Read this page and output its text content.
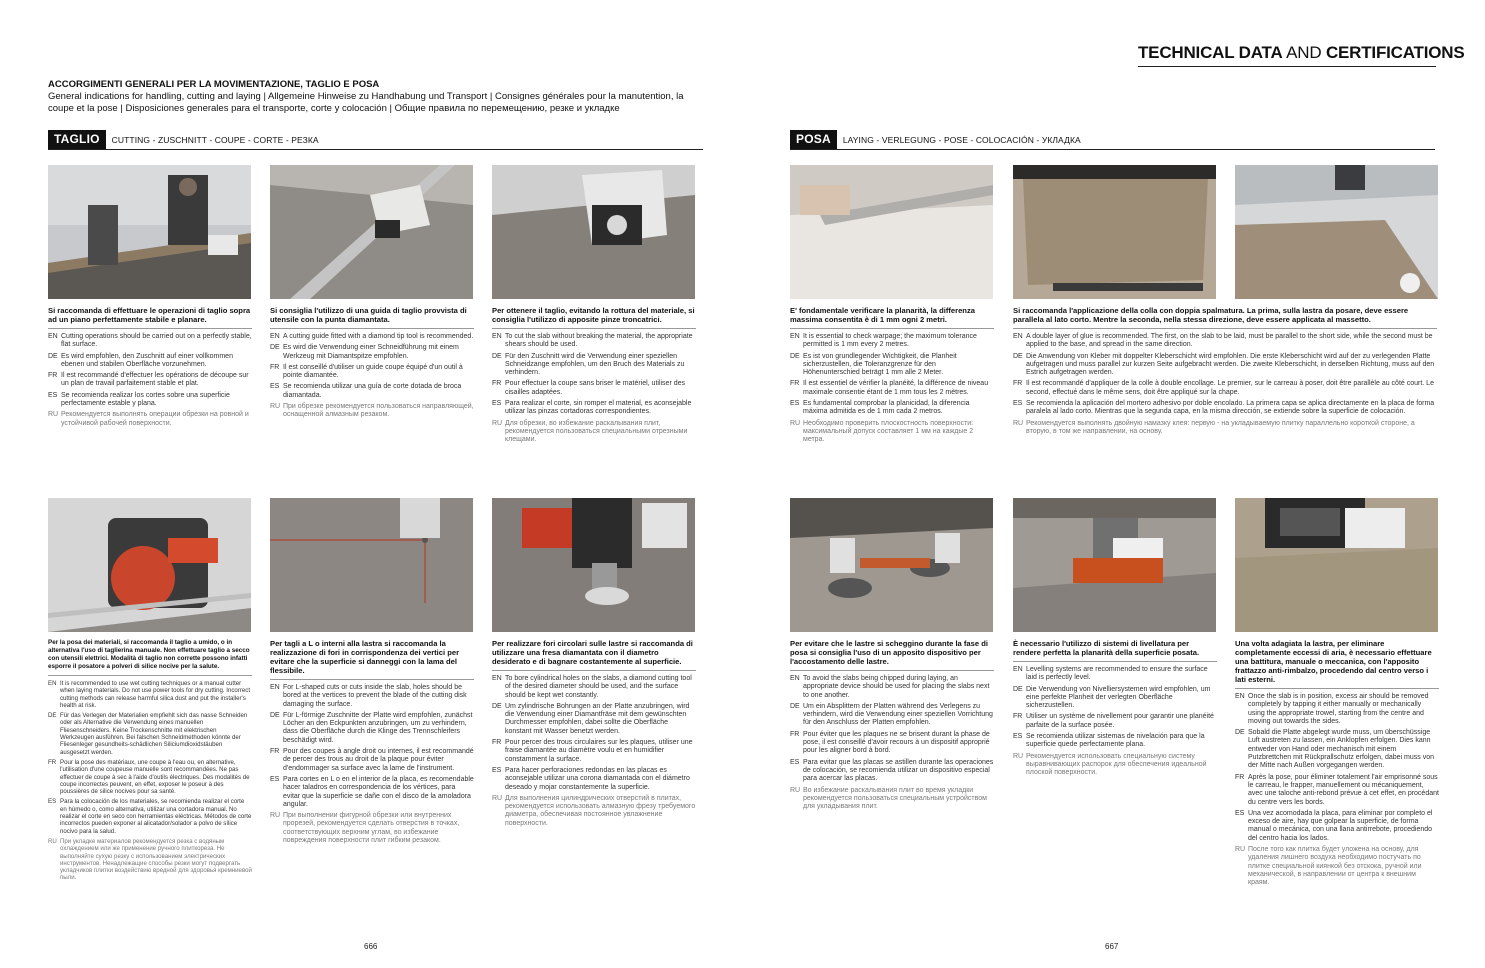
TECHNICAL DATA AND CERTIFICATIONS
ACCORGIMENTI GENERALI PER LA MOVIMENTAZIONE, TAGLIO E POSA
General indications for handling, cutting and laying | Allgemeine Hinweise zu Handhabung und Transport | Consignes générales pour la manutention, la coupe et la pose | Disposiciones generales para el transporte, corte y colocación | Общие правила по перемещению, резке и укладке
TAGLIO	CUTTING - ZUSCHNITT - COUPE - CORTE - РЕЗКА	POSA	LAYING - VERLEGUNG - POSE - COLOCACIÓN - УКЛАДКА
Si raccomanda di effettuare le operazioni di taglio sopra ad un piano perfettamente stabile e planare.
EN Cutting operations should be carried out on a perfectly stable, flat surface.
DE Es wird empfohlen, den Zuschnitt auf einer vollkommen ebenen und stabilen Oberfläche vorzunehmen.
FR Il est recommandé d'effectuer les opérations de découpe sur un plan de travail parfaitement stable et plat.
ES Se recomienda realizar los cortes sobre una superficie perfectamente estable y plana.
RU Рекомендуется выполнять операции обрезки на ровной и устойчивой рабочей поверхности.
Si consiglia l'utilizzo di una guida di taglio provvista di utensile con la punta diamantata.
EN A cutting guide fitted with a diamond tip tool is recommended.
DE Es wird die Verwendung einer Schneidführung mit einem Werkzeug mit Diamantspitze empfohlen.
FR Il est conseillé d'utiliser un guide coupe équipé d'un outil à pointe diamantée.
ES Se recomienda utilizar una guía de corte dotada de broca diamantada.
RU При обрезке рекомендуется пользоваться направляющей, оснащенной алмазным резаком.
Per ottenere il taglio, evitando la rottura del materiale, si consiglia l'utilizzo di apposite pinze troncatrici.
EN To cut the slab without breaking the material, the appropriate shears should be used.
DE Für den Zuschnitt wird die Verwendung einer speziellen Schneidzange empfohlen, um den Bruch des Materials zu verhindern.
FR Pour effectuer la coupe sans briser le matériel, utiliser des cisailles adaptées.
ES Para realizar el corte, sin romper el material, es aconsejable utilizar las pinzas cortadoras correspondientes.
RU Для обрезки, во избежание раскалывания плит, рекомендуется пользоваться специальными отрезными клещами.
E' fondamentale verificare la planarità, la differenza massima consentita è di 1 mm ogni 2 metri.
EN It is essential to check warpage; the maximum tolerance permitted is 1 mm every 2 metres.
DE Es ist von grundlegender Wichtigkeit, die Planheit sicherzustellen, die Toleranzgrenze für den Höhenunterschied beträgt 1 mm alle 2 Meter.
FR Il est essentiel de vérifier la planéité, la différence de niveau maximale consentie étant de 1 mm tous les 2 mètres.
ES Es fundamental comprobar la planicidad, la diferencia máxima admitida es de 1 mm cada 2 metros.
RU Необходимо проверить плоскостность поверхности: максимальный допуск составляет 1 мм на каждые 2 метра.
Si raccomanda l'applicazione della colla con doppia spalmatura. La prima, sulla lastra da posare, deve essere parallela al lato corto. Mentre la seconda, nella stessa direzione, deve essere applicata al massetto.
EN A double layer of glue is recommended. The first, on the slab to be laid, must be parallel to the short side, while the second must be applied to the base, and spread in the same direction.
DE Die Anwendung von Kleber mit doppelter Kleberschicht wird empfohlen. Die erste Kleberschicht wird auf der zu verlegenden Platte aufgetragen und muss parallel zur kurzen Seite aufgebracht werden. Die zweite Kleberschicht, in derselben Richtung, muss auf den Estrich aufgetragen werden.
FR Il est recommandé d'appliquer de la colle à double encollage. Le premier, sur le carreau à poser, doit être parallèle au côté court. Le second, effectué dans le même sens, doit être appliqué sur la chape.
ES Se recomienda la aplicación del mortero adhesivo por doble encolado. La primera capa se aplica directamente en la placa de forma paralela al lado corto. Mientras que la segunda capa, en la misma dirección, se extiende sobre la superficie de colocación.
RU Рекомендуется выполнять двойную намазку клея: первую - на укладываемую плитку параллельно короткой стороне, а вторую, в том же направлении, на основу.
Per la posa dei materiali, si raccomanda il taglio a umido, o in alternativa l'uso di taglierina manuale. Non effettuare taglio a secco con utensili elettrici. Modalità di taglio non corrette possono infatti esporre il posatore a polveri di silice nocive per la salute.
EN It is recommended to use wet cutting techniques or a manual cutter when laying materials. Do not use power tools for dry cutting. Incorrect cutting methods can release harmful silica dust and put the installer's health at risk.
DE Für das Verlegen der Materialien empfiehlt sich das nasse Schneiden oder als Alternative die Verwendung eines manuellen Fliesenschneiders. Keine Trockenschnitte mit elektrischen Werkzeugen ausführen. Bei falschen Schneidmethoden könnte der Fliesenleger gesundheits-schädlichen Siliciumdioxidstäuben ausgesetzt werden.
FR Pour la pose des matériaux, une coupe à l'eau ou, en alternative, l'utilisation d'une coupeuse manuelle sont recommandées. Ne pas effectuer de coupe à sec à l'aide d'outils électriques. Des modalités de coupe incorrectes peuvent, en effet, exposer le poseur à des poussières de silice nocives pour sa santé.
ES Para la colocación de los materiales, se recomienda realizar el corte en húmedo o, como alternativa, utilizar una cortadora manual. No realizar el corte en seco con herramientas eléctricas. Métodos de corte incorrectos pueden exponer al alicatador/solador a polvo de sílice nocivo para la salud.
RU При укладке материалов рекомендуется резка с водяным охлаждением или же применение ручного плиткореза. Не выполняйте сухую резку с использованием электрических инструментов. Ненадлежащие способы резки могут подвергать укладчиков плитки воздействию вредной для здоровья кремниевой пыли.
Per tagli a L o interni alla lastra si raccomanda la realizzazione di fori in corrispondenza dei vertici per evitare che la superficie si danneggi con la lama del flessibile.
EN For L-shaped cuts or cuts inside the slab, holes should be bored at the vertices to prevent the blade of the cutting disk damaging the surface.
DE Für L-förmige Zuschnitte der Platte wird empfohlen, zunächst Löcher an den Eckpunkten anzubringen, um zu verhindern, dass die Oberfläche durch die Klinge des Trennschleifers beschädigt wird.
FR Pour des coupes à angle droit ou internes, il est recommandé de percer des trous au droit de la plaque pour éviter d'endommager sa surface avec la lame de l'instrument.
ES Para cortes en L o en el interior de la placa, es recomendable hacer taladros en correspondencia de los vértices, para evitar que la superficie se dañe con el disco de la amoladora angular.
RU При выполнении фигурной обрезки или внутренних прорезей, рекомендуется сделать отверстия в точках, соответствующих верхним углам, во избежание повреждения поверхности плит гибким резаком.
Per realizzare fori circolari sulle lastre si raccomanda di utilizzare una fresa diamantata con il diametro desiderato e di bagnare costantemente al superficie.
EN To bore cylindrical holes on the slabs, a diamond cutting tool of the desired diameter should be used, and the surface should be kept wet constantly.
DE Um zylindrische Bohrungen an der Platte anzubringen, wird die Verwendung einer Diamantfräse mit dem gewünschten Durchmesser empfohlen, dabei sollte die Oberfläche konstant mit Wasser benetzt werden.
FR Pour percer des trous circulaires sur les plaques, utiliser une fraise diamantée au diamètre voulu et en humidifier constamment la surface.
ES Para hacer perforaciones redondas en las placas es aconsejable utilizar una corona diamantada con el diámetro deseado y mojar constantemente la superficie.
RU Для выполнения цилиндрических отверстий в плитах, рекомендуется использовать алмазную фрезу требуемого диаметра, обеспечивая постоянное увлажнение поверхности.
Per evitare che le lastre si scheggino durante la fase di posa si consiglia l'uso di un apposito dispositivo per l'accostamento delle lastre.
EN To avoid the slabs being chipped during laying, an appropriate device should be used for placing the slabs next to one another.
DE Um ein Absplittern der Platten während des Verlegens zu verhindern, wird die Verwendung einer speziellen Vorrichtung für den Anschluss der Platten empfohlen.
FR Pour éviter que les plaques ne se brisent durant la phase de pose, il est conseillé d'avoir recours à un dispositif approprié pour les aligner bord à bord.
ES Para evitar que las placas se astillen durante las operaciones de colocación, se recomienda utilizar un dispositivo especial para acercar las placas.
RU Во избежание раскалывания плит во время укладки рекомендуется пользоваться специальным устройством для укладывания плит.
È necessario l'utilizzo di sistemi di livellatura per rendere perfetta la planarità della superficie posata.
EN Levelling systems are recommended to ensure the surface laid is perfectly level.
DE Die Verwendung von Nivelliersystemen wird empfohlen, um eine perfekte Planheit der verlegten Oberfläche sicherzustellen.
FR Utiliser un système de nivellement pour garantir une planéité parfaite de la surface posée.
ES Se recomienda utilizar sistemas de nivelación para que la superficie quede perfectamente plana.
RU Рекомендуется использовать специальную систему выравнивающих распорок для обеспечения идеальной плоской поверхности.
Una volta adagiata la lastra, per eliminare completamente eccessi di aria, è necessario effettuare una battitura, manuale o meccanica, con l'apposito frattazzo anti-rimbalzo, procedendo dal centro verso i lati esterni.
EN Once the slab is in position, excess air should be removed completely by tapping it either manually or mechanically using the appropriate trowel, starting from the centre and moving out towards the sides.
DE Sobald die Platte abgelegt wurde muss, um überschüssige Luft austreten zu lassen, ein Anklopfen erfolgen. Dies kann entweder von Hand oder mechanisch mit einem Putzbrettchen mit Rückprallschutz erfolgen, dabei muss von der Mitte nach Außen vorgegangen werden.
FR Après la pose, pour éliminer totalement l'air emprisonné sous le carreau, le frapper, manuellement ou mécaniquement, avec une taloche anti-rebond prévue à cet effet, en procédant du centre vers les bords.
ES Una vez acomodada la placa, para eliminar por completo el exceso de aire, hay que golpear la superficie, de forma manual o mecánica, con una llana antirrebote, procediendo del centro hacia los lados.
RU После того как плитка будет уложена на основу, для удаления лишнего воздуха необходимо постучать по плитке специальной киянкой без отскока, ручной или механической, в направлении от центра к внешним краям.
666	667
